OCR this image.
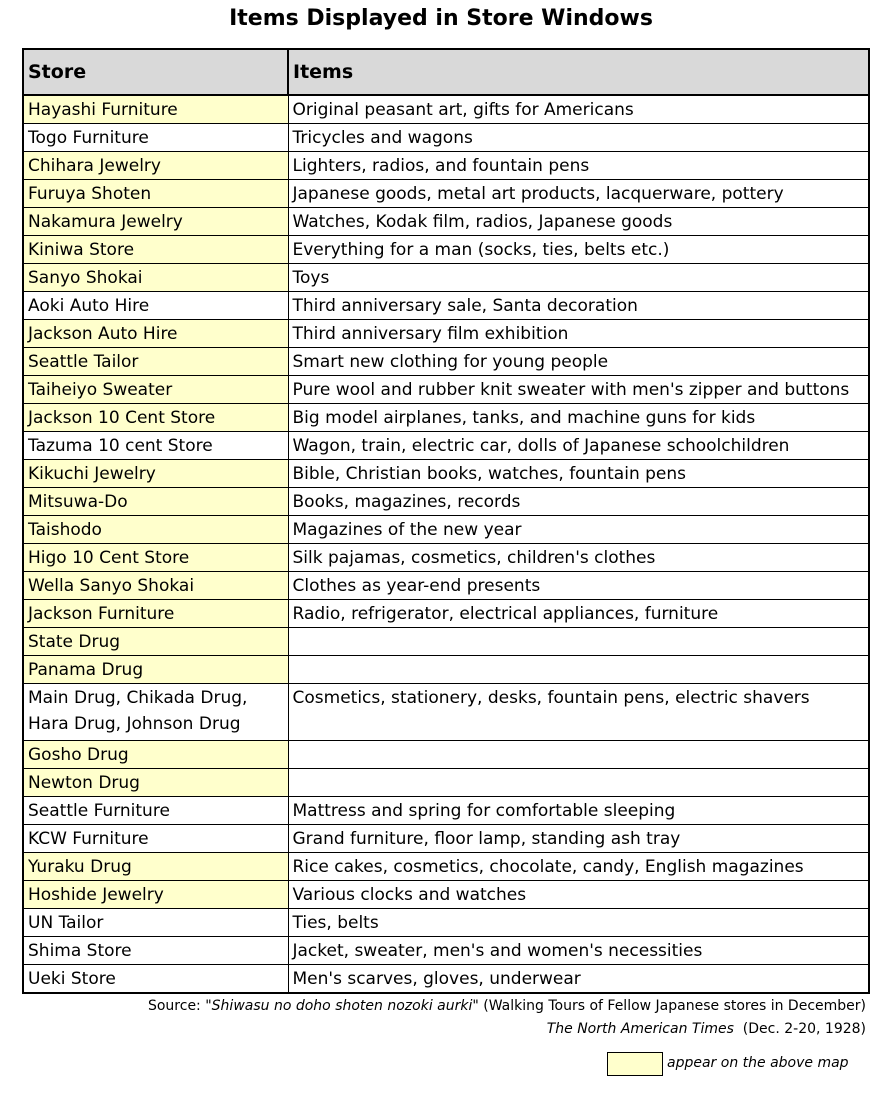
Items Displayed in Store Windows
Store	Items
Hayashi Furniture	Original peasant art, gifts for Americans
Togo Furniture	Tricycles and wagons
Chihara Jewelry	Lighters, radios, and fountain pens
Furuya Shoten	Japanese goods, metal art products, lacquerware, pottery
Nakamura Jewelry	Watches, Kodak film, radios, Japanese goods
Kiniwa Store	Everything for a man (socks, ties, belts etc.)
Sanyo Shokai	Toys
Aoki Auto Hire	Third anniversary sale, Santa decoration
Jackson Auto Hire	Third anniversary film exhibition
Seattle Tailor	Smart new clothing for young people
Taiheiyo Sweater	Pure wool and rubber knit sweater with men's zipper and buttons
Jackson 10 Cent Store	Big model airplanes, tanks, and machine guns for kids
Tazuma 10 cent Store	Wagon, train, electric car, dolls of Japanese schoolchildren
Kikuchi Jewelry	Bible, Christian books, watches, fountain pens
Mitsuwa-Do	Books, magazines, records
Taishodo	Magazines of the new year
Higo 10 Cent Store	Silk pajamas, cosmetics, children's clothes
Wella Sanyo Shokai	Clothes as year-end presents
Jackson Furniture	Radio, refrigerator, electrical appliances, furniture
State Drug	
Panama Drug	
Main Drug, Chikada Drug, Hara Drug, Johnson Drug	Cosmetics, stationery, desks, fountain pens, electric shavers
Gosho Drug	
Newton Drug	
Seattle Furniture	Mattress and spring for comfortable sleeping
KCW Furniture	Grand furniture, floor lamp, standing ash tray
Yuraku Drug	Rice cakes, cosmetics, chocolate, candy, English magazines
Hoshide Jewelry	Various clocks and watches
UN Tailor	Ties, belts
Shima Store	Jacket, sweater, men's and women's necessities
Ueki Store	Men's scarves, gloves, underwear
Source: "Shiwasu no doho shoten nozoki aurki" (Walking Tours of Fellow Japanese stores in December)
The North American Times (Dec. 2-20, 1928)
appear on the above map
